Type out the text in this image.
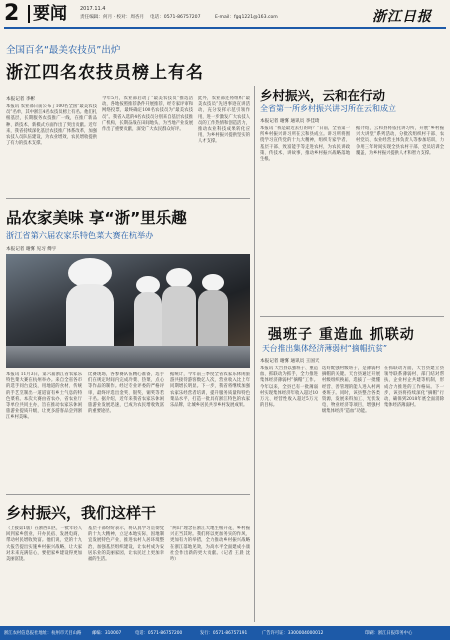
2 要闻	2017.11.4
责任编辑：何月 · 校对：周杏月 电话：0571-86757207	E-mail：fgq1221@163.com	浙江日报
全国百名“最美农技员”出炉
浙江四名农技员榜上有名
本报记者 李彬
本报讯 农业部日前公布了100名全国“最美农技员”名单，其中浙江4名农技员榜上有名。他们扎根基层，长期服务农技推广一线，在推广新品种、新技术、新模式方面作出了突出贡献。近年来，我省持续深化基层农技推广体系改革，加强农技人员队伍建设，为农业增效、农民增收提供了有力的技术支撑。
今年5月，农业部启动了“最美农技员”推选活动，各地按照推荐条件开展推荐，经专家评审和网络投票，最终确定100名农技员为“最美农技员”。我省入选的4名农技员分别来自基层农技推广机构，长期奋战在田间地头，为当地产业发展作出了重要贡献，深受广大农民群众好评。
此外，农业部还将组织“最美农技员”先进事迹宣讲活动，充分发挥示范引领作用，进一步激发广大农技人员的工作热情和创造活力，推动农业科技成果转化应用，为乡村振兴提供坚实的人才支撑。
品农家美味 享“浙”里乐趣
浙江省第六届农家乐特色菜大赛在杭举办
本报记者 谢雾 见习 傅宇
本报讯 11月3日，第六届浙江省农家乐特色菜大赛在杭州举办。来自全省各市的选手同台竞技，用地道的食材、传统的手艺烹制出一道道富有乡土气息的特色菜肴。本次大赛由省农办、省农业厅等单位共同主办，旨在推动农家乐休闲旅游业提质升级，让更多游客品尝到浙江乡村美味。
比赛现场，各参赛队伍精心准备，选手们在规定时间内完成冷菜、热菜、点心等作品的制作。经过专业评委的严格评审，最终评选出金奖、银奖、铜奖等若干名。据介绍，近年来我省农家乐休闲旅游业发展迅速，已成为农民增收致富的重要途径。
据统计，今年前三季度全省农家乐休闲旅游共接待游客数亿人次，营业收入比上年同期增长明显。下一步，我省将继续加强农家乐经营者培训，提升服务质量和特色菜品水平，打造一批具有浙江特色的农家乐品牌，让城乡居民共享乡村发展成果。
乡村振兴，我们这样干
（上接第1版）在浙西山区，一批年轻人回到家乡创业，开办民宿、发展电商，带动村民增收致富。他们说，党的十九大报告提出实施乡村振兴战略，让大家对未来充满信心，要把家乡建设得更加美丽富饶。
基层干部纷纷表示，将认真学习贯彻党的十九大精神，立足本地实际，因地制宜发展特色产业，推进农村人居环境整治，加强基层组织建设，让农村成为安居乐业的美丽家园，让农民过上更加幸福的生活。
“两山”理念在浙江大地生根开花，乡村振兴正当其时。我们将以更加务实的作风、更加有力的举措，全力推动乡村振兴战略在浙江落地见效，为高水平全面建成小康社会作出新的更大贡献。（记者 王晨 沈吟）
乡村振兴，云和在行动
全省第一所乡村振兴讲习所在云和成立
本报记者 谢雾 通讯员 李佳琦
本报讯 “我是最近去打的吗？”日前，全省第一所乡村振兴讲习所在云和县成立。讲习所将围绕学习宣传党的十九大精神，组织专家学者、基层干部、致富能手等走进农村，为农民讲政策、传技术、讲故事，推动乡村振兴战略落地生根。
据介绍，云和县将依托讲习所，开展“乡村振兴大讲堂”系列活动，分批次组织村干部、农村党员、农业经营主体负责人等参加培训，力争用三年时间实现全县农村干部、党员培训全覆盖，为乡村振兴提供人才和智力支撑。
强班子 重造血 抓联动
天台推出集体经济薄弱村“摘帽抗贫”
本报记者 谢雾 通讯员 王国天
本报讯 天台县以强班子、重造血、抓联动为抓手，全力推进集体经济薄弱村“摘帽”工作。今年以来，全县已有一批薄弱村实现集体经济年收入超过10万元、经营性收入超过5万元的目标。
选好配强村级班子，是薄弱村摘帽的关键。天台县通过开展村级组织换届，选拔了一批懂经营、善管理的能人进入村两委班子。同时，该县整合各类资源，发展来料加工、光伏发电、物业经济等项目，增强村级集体经济“造血”功能。
在抓联动方面，天台县建立县领导联系薄弱村、部门结对帮扶、企业村企共建等机制，形成合力推进的工作格局。下一步，该县将持续深化“摘帽”行动，确保到2018年底全面消除集体经济薄弱村。
浙江农村信息报社地址：杭州市天目山路 邮编：310007	电话：0571-86757200	发行：0571-86757191	广告许可证：3300004000012	印刷：浙江日报印务中心
